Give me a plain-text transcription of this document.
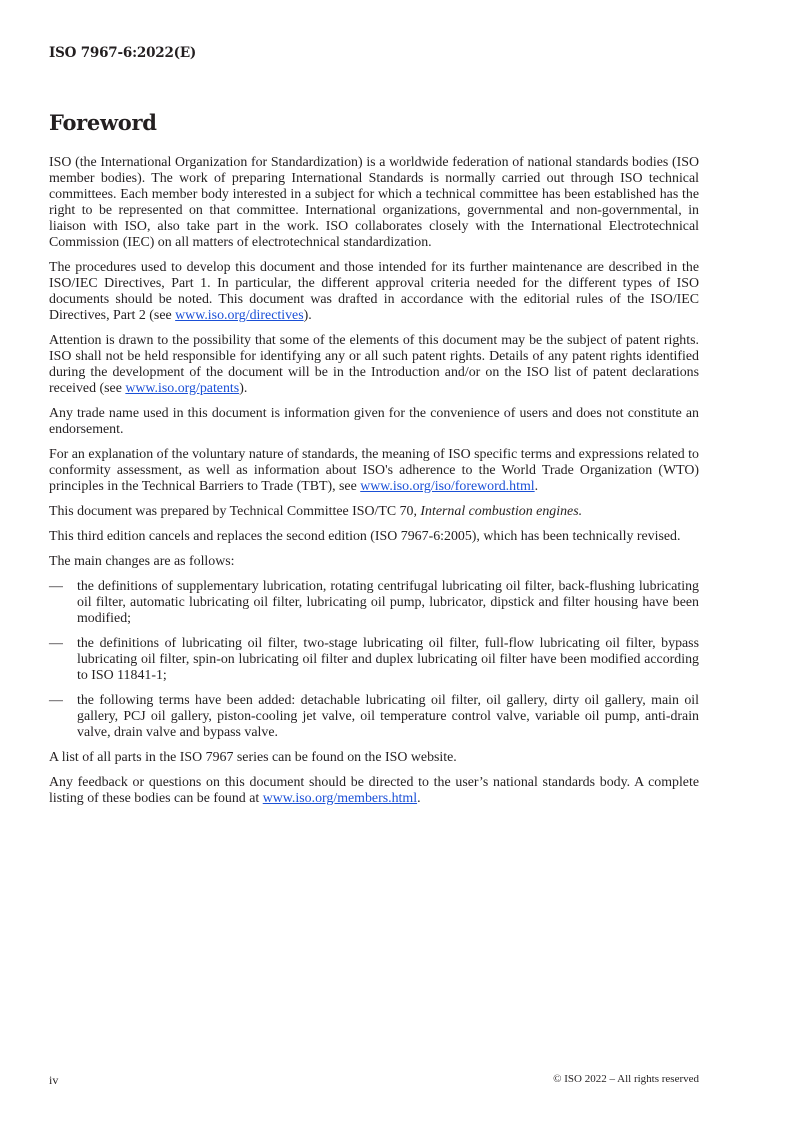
ISO 7967-6:2022(E)
Foreword

ISO (the International Organization for Standardization) is a worldwide federation of national standards bodies (ISO member bodies). The work of preparing International Standards is normally carried out through ISO technical committees. Each member body interested in a subject for which a technical committee has been established has the right to be represented on that committee. International organizations, governmental and non-governmental, in liaison with ISO, also take part in the work. ISO collaborates closely with the International Electrotechnical Commission (IEC) on all matters of electrotechnical standardization.

The procedures used to develop this document and those intended for its further maintenance are described in the ISO/IEC Directives, Part 1. In particular, the different approval criteria needed for the different types of ISO documents should be noted. This document was drafted in accordance with the editorial rules of the ISO/IEC Directives, Part 2 (see www.iso.org/directives).

Attention is drawn to the possibility that some of the elements of this document may be the subject of patent rights. ISO shall not be held responsible for identifying any or all such patent rights. Details of any patent rights identified during the development of the document will be in the Introduction and/or on the ISO list of patent declarations received (see www.iso.org/patents).

Any trade name used in this document is information given for the convenience of users and does not constitute an endorsement.

For an explanation of the voluntary nature of standards, the meaning of ISO specific terms and expressions related to conformity assessment, as well as information about ISO's adherence to the World Trade Organization (WTO) principles in the Technical Barriers to Trade (TBT), see www.iso.org/iso/foreword.html.

This document was prepared by Technical Committee ISO/TC 70, Internal combustion engines.

This third edition cancels and replaces the second edition (ISO 7967-6:2005), which has been technically revised.

The main changes are as follows:

— the definitions of supplementary lubrication, rotating centrifugal lubricating oil filter, back-flushing lubricating oil filter, automatic lubricating oil filter, lubricating oil pump, lubricator, dipstick and filter housing have been modified;
— the definitions of lubricating oil filter, two-stage lubricating oil filter, full-flow lubricating oil filter, bypass lubricating oil filter, spin-on lubricating oil filter and duplex lubricating oil filter have been modified according to ISO 11841-1;
— the following terms have been added: detachable lubricating oil filter, oil gallery, dirty oil gallery, main oil gallery, PCJ oil gallery, piston-cooling jet valve, oil temperature control valve, variable oil pump, anti-drain valve, drain valve and bypass valve.

A list of all parts in the ISO 7967 series can be found on the ISO website.

Any feedback or questions on this document should be directed to the user’s national standards body. A complete listing of these bodies can be found at www.iso.org/members.html.

iv	© ISO 2022 – All rights reserved
